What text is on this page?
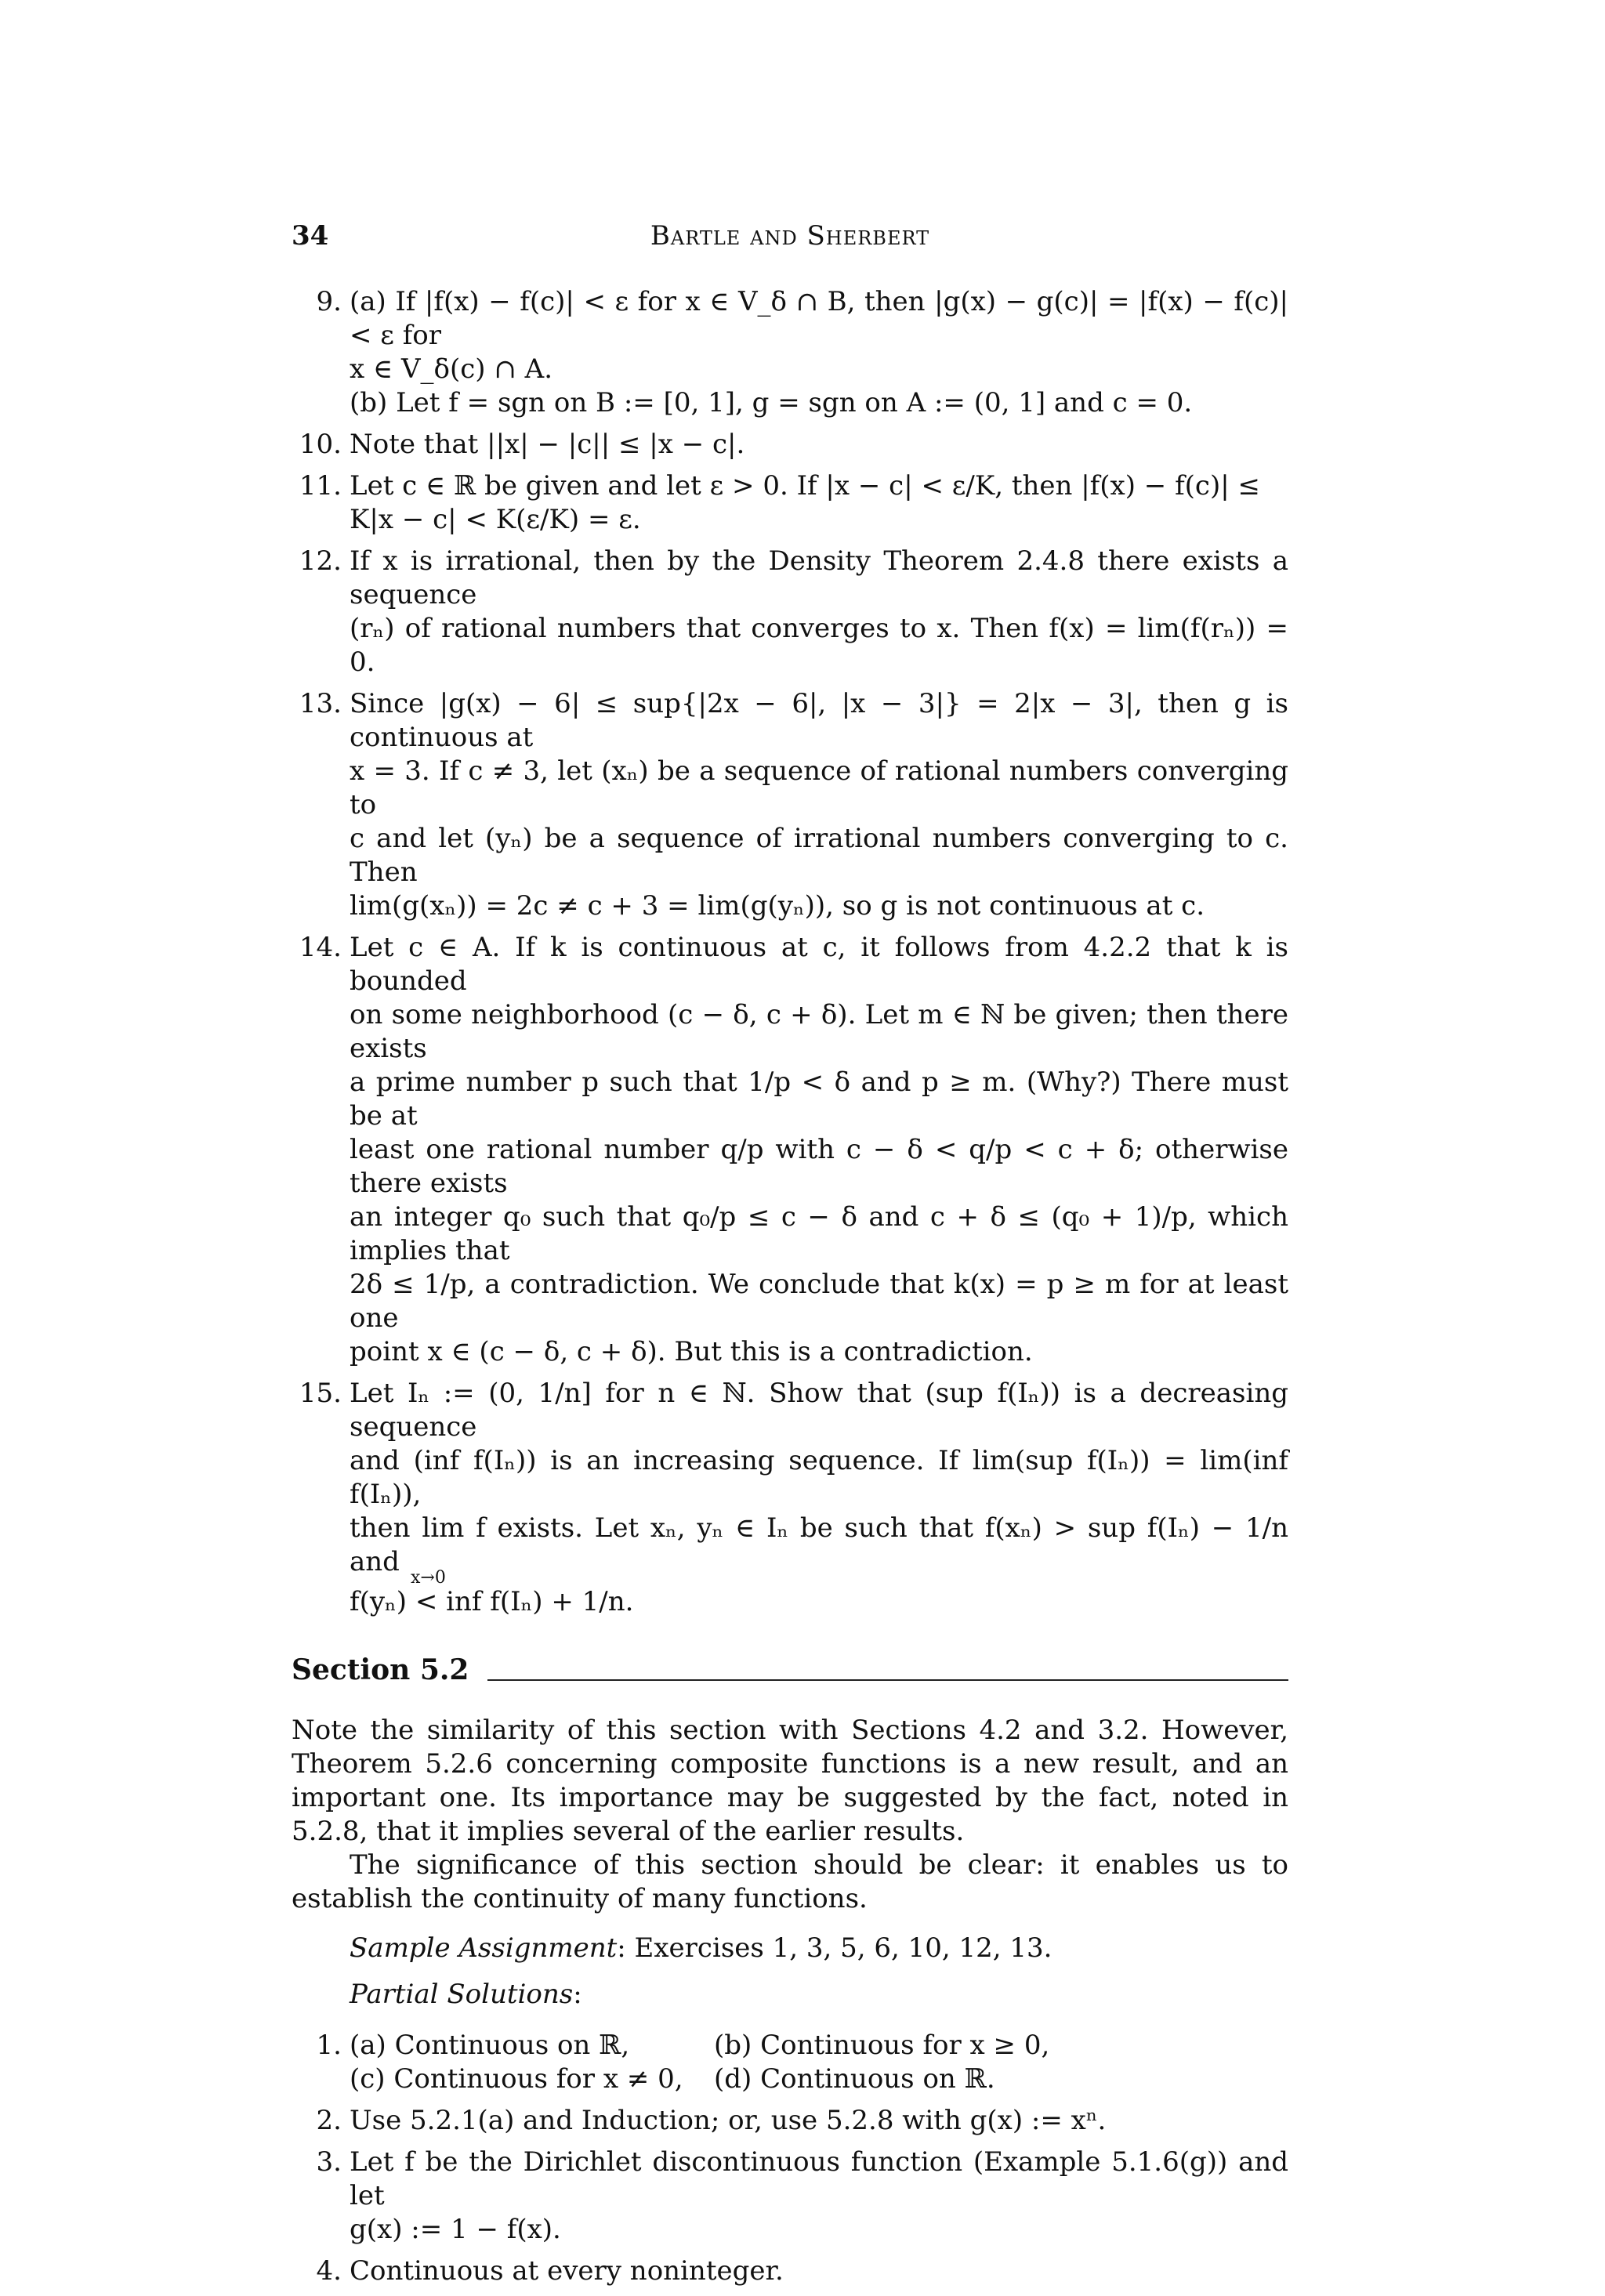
34	Bartle and Sherbert
9. (a) If |f(x) − f(c)| < ε for x ∈ V_δ ∩ B, then |g(x) − g(c)| = |f(x) − f(c)| < ε for
x ∈ V_δ(c) ∩ A.
(b) Let f = sgn on B := [0, 1], g = sgn on A := (0, 1] and c = 0.
10. Note that ||x| − |c|| ≤ |x − c|.
11. Let c ∈ ℝ be given and let ε > 0. If |x − c| < ε/K, then |f(x) − f(c)| ≤
K|x − c| < K(ε/K) = ε.
12. If x is irrational, then by the Density Theorem 2.4.8 there exists a sequence
(rₙ) of rational numbers that converges to x. Then f(x) = lim(f(rₙ)) = 0.
13. Since |g(x) − 6| ≤ sup{|2x − 6|, |x − 3|} = 2|x − 3|, then g is continuous at
x = 3. If c ≠ 3, let (xₙ) be a sequence of rational numbers converging to
c and let (yₙ) be a sequence of irrational numbers converging to c. Then
lim(g(xₙ)) = 2c ≠ c + 3 = lim(g(yₙ)), so g is not continuous at c.
14. Let c ∈ A. If k is continuous at c, it follows from 4.2.2 that k is bounded
on some neighborhood (c − δ, c + δ). Let m ∈ ℕ be given; then there exists
a prime number p such that 1/p < δ and p ≥ m. (Why?) There must be at
least one rational number q/p with c − δ < q/p < c + δ; otherwise there exists
an integer q₀ such that q₀/p ≤ c − δ and c + δ ≤ (q₀ + 1)/p, which implies that
2δ ≤ 1/p, a contradiction. We conclude that k(x) = p ≥ m for at least one
point x ∈ (c − δ, c + δ). But this is a contradiction.
15. Let Iₙ := (0, 1/n] for n ∈ ℕ. Show that (sup f(Iₙ)) is a decreasing sequence
and (inf f(Iₙ)) is an increasing sequence. If lim(sup f(Iₙ)) = lim(inf f(Iₙ)),
then lim f exists. Let xₙ, yₙ ∈ Iₙ be such that f(xₙ) > sup f(Iₙ) − 1/n and
x→0
f(yₙ) < inf f(Iₙ) + 1/n.
Section 5.2

Note the similarity of this section with Sections 4.2 and 3.2. However, Theorem 5.2.6 concerning composite functions is a new result, and an important one. Its importance may be suggested by the fact, noted in 5.2.8, that it implies several of the earlier results.

The significance of this section should be clear: it enables us to establish the continuity of many functions.

Sample Assignment: Exercises 1, 3, 5, 6, 10, 12, 13.
Partial Solutions:
1. (a) Continuous on ℝ,	(b) Continuous for x ≥ 0,
(c) Continuous for x ≠ 0,	(d) Continuous on ℝ.
2. Use 5.2.1(a) and Induction; or, use 5.2.8 with g(x) := xⁿ.
3. Let f be the Dirichlet discontinuous function (Example 5.1.6(g)) and let
g(x) := 1 − f(x).
4. Continuous at every noninteger.
